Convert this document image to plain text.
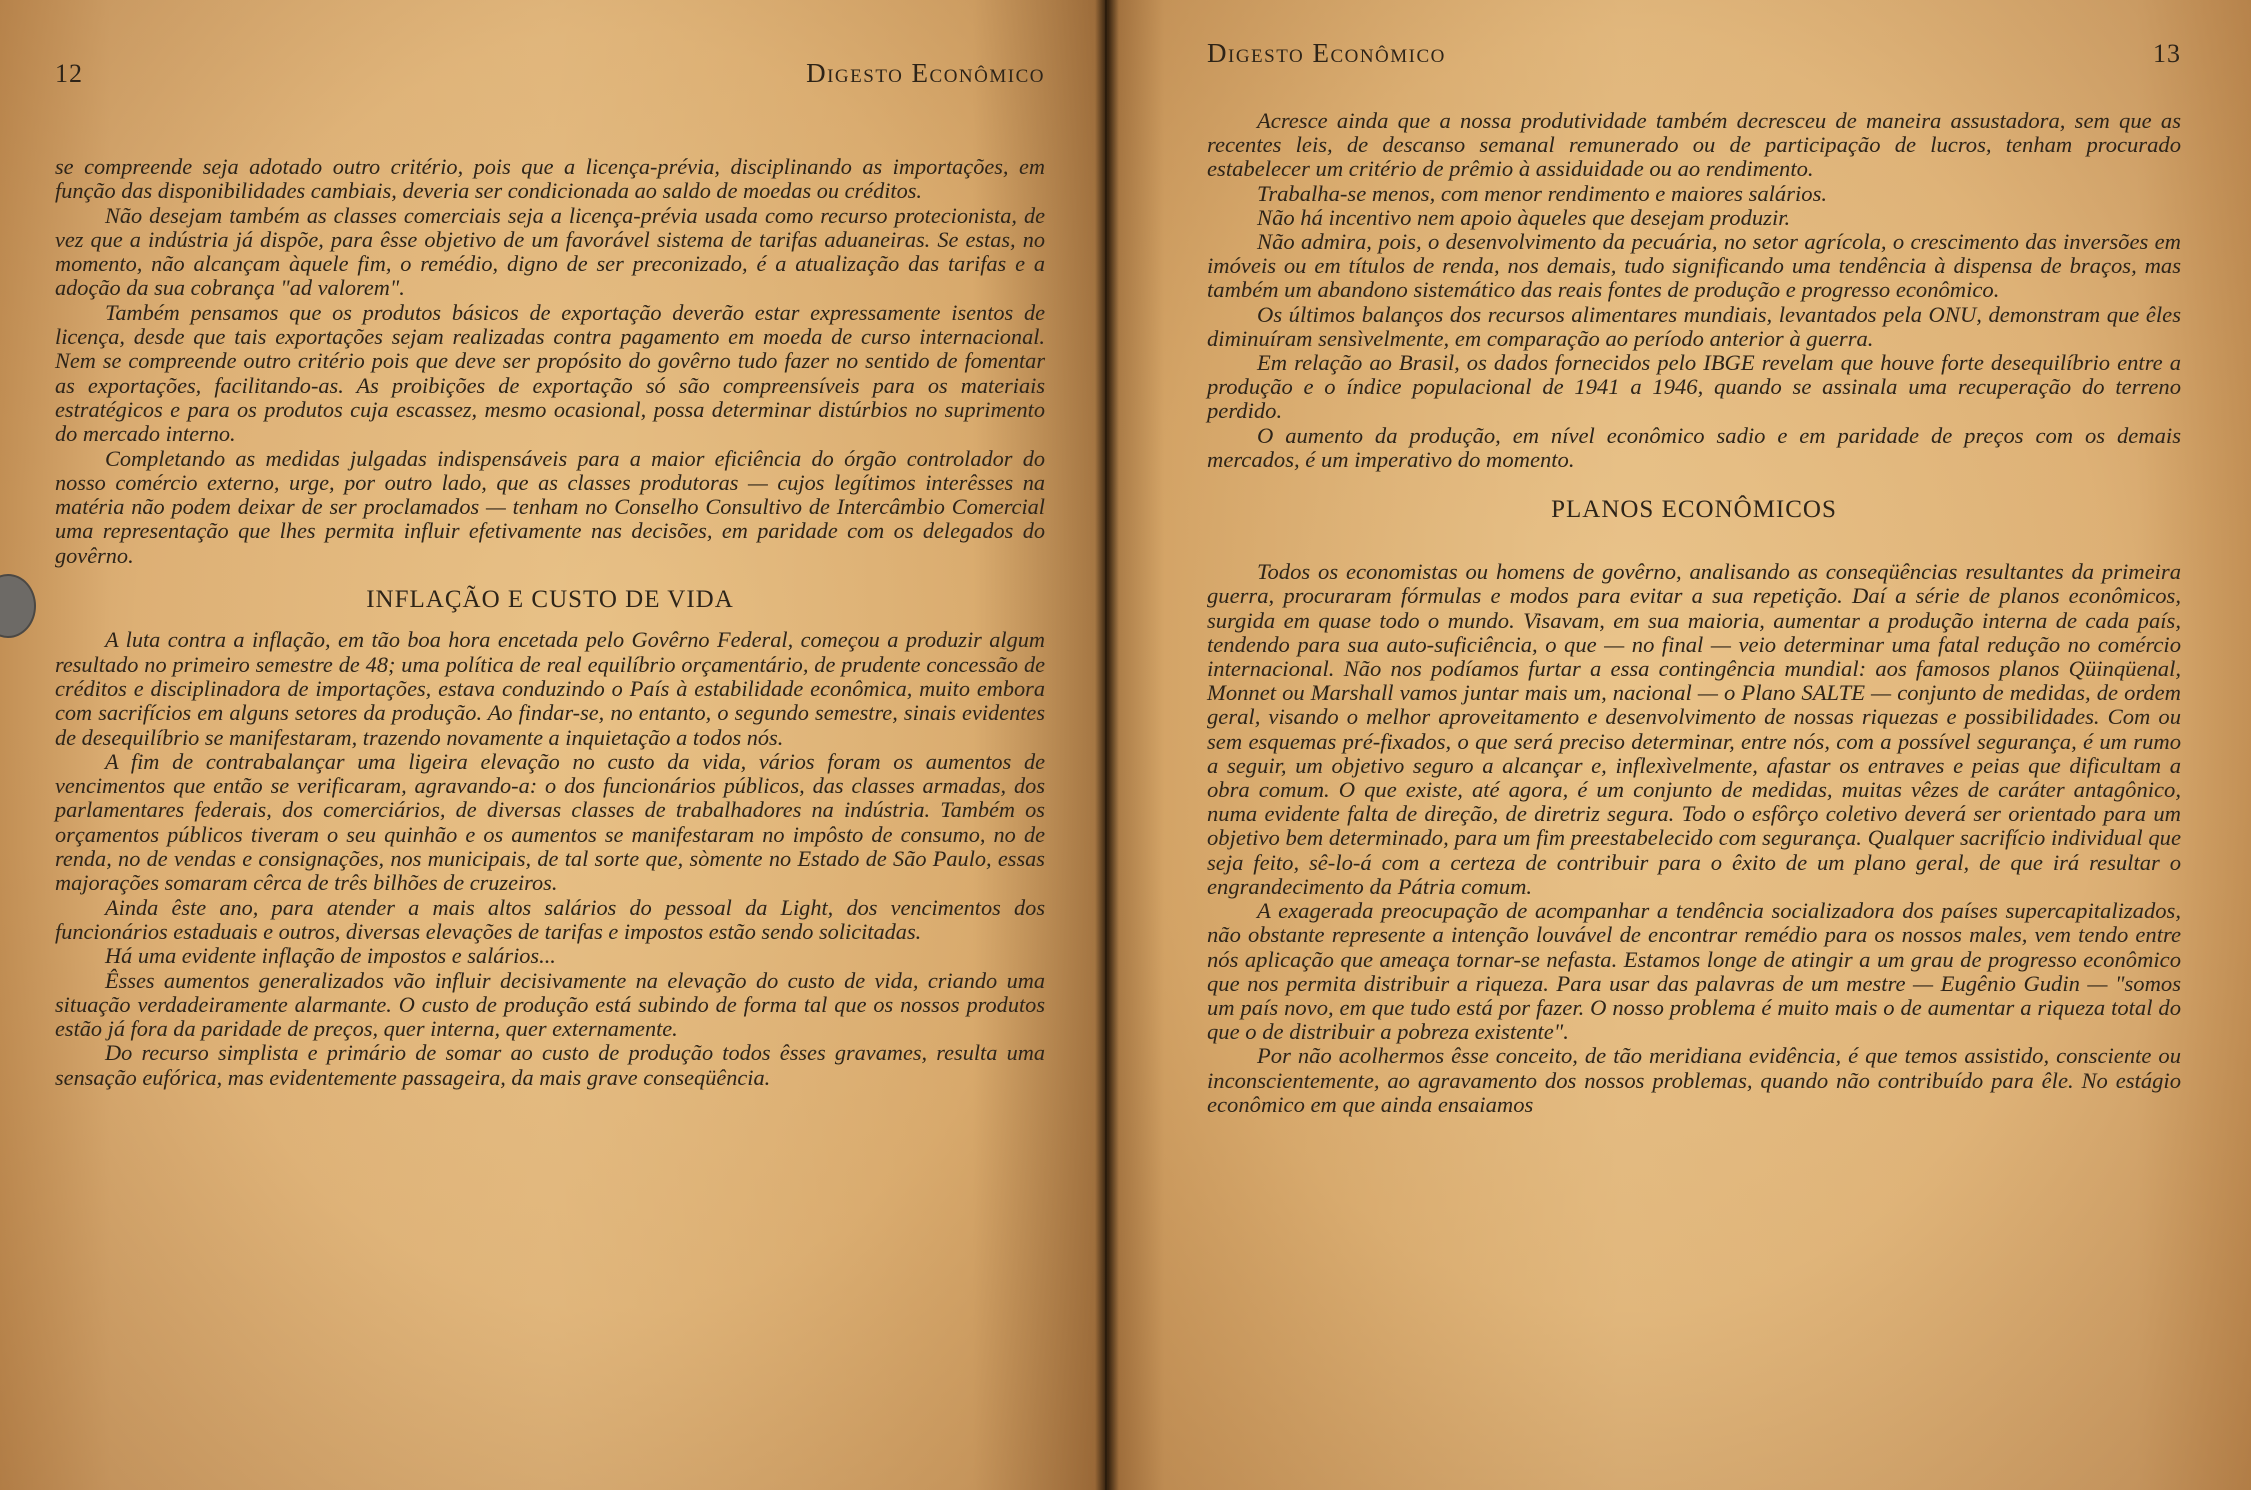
12	Digesto Econômico

se compreende seja adotado outro critério, pois que a licença-prévia, disciplinando as importações, em função das disponibilidades cambiais, deveria ser condicionada ao saldo de moedas ou créditos.

Não desejam também as classes comerciais seja a licença-prévia usada como recurso protecionista, de vez que a indústria já dispõe, para êsse objetivo de um favorável sistema de tarifas aduaneiras. Se estas, no momento, não alcançam àquele fim, o remédio, digno de ser preconizado, é a atualização das tarifas e a adoção da sua cobrança "ad valorem".

Também pensamos que os produtos básicos de exportação deverão estar expressamente isentos de licença, desde que tais exportações sejam realizadas contra pagamento em moeda de curso internacional. Nem se compreende outro critério pois que deve ser propósito do govêrno tudo fazer no sentido de fomentar as exportações, facilitando-as. As proibições de exportação só são compreensíveis para os materiais estratégicos e para os produtos cuja escassez, mesmo ocasional, possa determinar distúrbios no suprimento do mercado interno.

Completando as medidas julgadas indispensáveis para a maior eficiência do órgão controlador do nosso comércio externo, urge, por outro lado, que as classes produtoras — cujos legítimos interêsses na matéria não podem deixar de ser proclamados — tenham no Conselho Consultivo de Intercâmbio Comercial uma representação que lhes permita influir efetivamente nas decisões, em paridade com os delegados do govêrno.

INFLAÇÃO E CUSTO DE VIDA

A luta contra a inflação, em tão boa hora encetada pelo Govêrno Federal, começou a produzir algum resultado no primeiro semestre de 48; uma política de real equilíbrio orçamentário, de prudente concessão de créditos e disciplinadora de importações, estava conduzindo o País à estabilidade econômica, muito embora com sacrifícios em alguns setores da produção. Ao findar-se, no entanto, o segundo semestre, sinais evidentes de desequilíbrio se manifestaram, trazendo novamente a inquietação a todos nós.

A fim de contrabalançar uma ligeira elevação no custo da vida, vários foram os aumentos de vencimentos que então se verificaram, agravando-a: o dos funcionários públicos, das classes armadas, dos parlamentares federais, dos comerciários, de diversas classes de trabalhadores na indústria. Também os orçamentos públicos tiveram o seu quinhão e os aumentos se manifestaram no impôsto de consumo, no de renda, no de vendas e consignações, nos municipais, de tal sorte que, sòmente no Estado de São Paulo, essas majorações somaram cêrca de três bilhões de cruzeiros.

Ainda êste ano, para atender a mais altos salários do pessoal da Light, dos vencimentos dos funcionários estaduais e outros, diversas elevações de tarifas e impostos estão sendo solicitadas.

Há uma evidente inflação de impostos e salários...

Êsses aumentos generalizados vão influir decisivamente na elevação do custo de vida, criando uma situação verdadeiramente alarmante. O custo de produção está subindo de forma tal que os nossos produtos estão já fora da paridade de preços, quer interna, quer externamente.

Do recurso simplista e primário de somar ao custo de produção todos êsses gravames, resulta uma sensação eufórica, mas evidentemente passageira, da mais grave conseqüência.

Digesto Econômico	13

Acresce ainda que a nossa produtividade também decresceu de maneira assustadora, sem que as recentes leis, de descanso semanal remunerado ou de participação de lucros, tenham procurado estabelecer um critério de prêmio à assiduidade ou ao rendimento.

Trabalha-se menos, com menor rendimento e maiores salários.

Não há incentivo nem apoio àqueles que desejam produzir.

Não admira, pois, o desenvolvimento da pecuária, no setor agrícola, o crescimento das inversões em imóveis ou em títulos de renda, nos demais, tudo significando uma tendência à dispensa de braços, mas também um abandono sistemático das reais fontes de produção e progresso econômico.

Os últimos balanços dos recursos alimentares mundiais, levantados pela ONU, demonstram que êles diminuíram sensìvelmente, em comparação ao período anterior à guerra.

Em relação ao Brasil, os dados fornecidos pelo IBGE revelam que houve forte desequilíbrio entre a produção e o índice populacional de 1941 a 1946, quando se assinala uma recuperação do terreno perdido.

O aumento da produção, em nível econômico sadio e em paridade de preços com os demais mercados, é um imperativo do momento.

PLANOS ECONÔMICOS

Todos os economistas ou homens de govêrno, analisando as conseqüências resultantes da primeira guerra, procuraram fórmulas e modos para evitar a sua repetição. Daí a série de planos econômicos, surgida em quase todo o mundo. Visavam, em sua maioria, aumentar a produção interna de cada país, tendendo para sua auto-suficiência, o que — no final — veio determinar uma fatal redução no comércio internacional. Não nos podíamos furtar a essa contingência mundial: aos famosos planos Qüinqüenal, Monnet ou Marshall vamos juntar mais um, nacional — o Plano SALTE — conjunto de medidas, de ordem geral, visando o melhor aproveitamento e desenvolvimento de nossas riquezas e possibilidades. Com ou sem esquemas pré-fixados, o que será preciso determinar, entre nós, com a possível segurança, é um rumo a seguir, um objetivo seguro a alcançar e, inflexìvelmente, afastar os entraves e peias que dificultam a obra comum. O que existe, até agora, é um conjunto de medidas, muitas vêzes de caráter antagônico, numa evidente falta de direção, de diretriz segura. Todo o esfôrço coletivo deverá ser orientado para um objetivo bem determinado, para um fim preestabelecido com segurança. Qualquer sacrifício individual que seja feito, sê-lo-á com a certeza de contribuir para o êxito de um plano geral, de que irá resultar o engrandecimento da Pátria comum.

A exagerada preocupação de acompanhar a tendência socializadora dos países supercapitalizados, não obstante represente a intenção louvável de encontrar remédio para os nossos males, vem tendo entre nós aplicação que ameaça tornar-se nefasta. Estamos longe de atingir a um grau de progresso econômico que nos permita distribuir a riqueza. Para usar das palavras de um mestre — Eugênio Gudin — "somos um país novo, em que tudo está por fazer. O nosso problema é muito mais o de aumentar a riqueza total do que o de distribuir a pobreza existente".

Por não acolhermos êsse conceito, de tão meridiana evidência, é que temos assistido, consciente ou inconscientemente, ao agravamento dos nossos problemas, quando não contribuído para êle. No estágio econômico em que ainda ensaiamos
